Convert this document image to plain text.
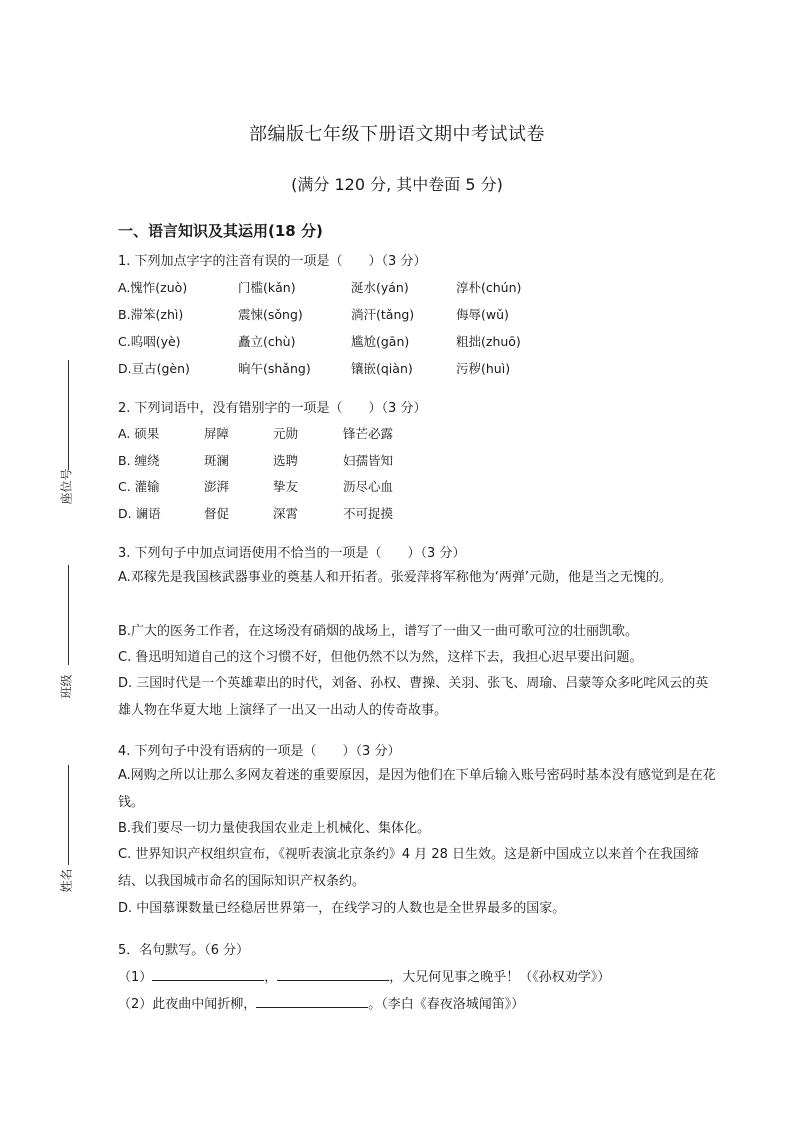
座位号
班级
姓名
部编版七年级下册语文期中考试试卷
(满分 120 分, 其中卷面 5 分)
一、语言知识及其运用(18 分)
1. 下列加点字字的注音有误的一项是（　　）（3 分）
A.愧怍(zuò)	门槛(kǎn)	涎水(yán)	淳朴(chún)
B.滞笨(zhì)	震悚(sǒng)	淌汗(tǎng)	侮辱(wǔ)
C.呜咽(yè)	矗立(chù)	尴尬(gān)	粗拙(zhuō)
D.亘古(gèn)	晌午(shǎng)	镶嵌(qiàn)	污秽(huì)
2. 下列词语中，没有错别字的一项是（　　）（3 分）
A. 硕果	屏障	元勋	锋芒必露
B. 缠绕	斑澜	选聘	妇孺皆知
C. 灌输	澎湃	挚友	沥尽心血
D. 谰语	督促	深霄	不可捉摸
3. 下列句子中加点词语使用不恰当的一项是（　　）（3 分）
A.邓稼先是我国核武器事业的奠基人和开拓者。张爱萍将军称他为‘两弹’元勋，他是当之无愧的。
B.广大的医务工作者，在这场没有硝烟的战场上，谱写了一曲又一曲可歌可泣的壮丽凯歌。
C. 鲁迅明知道自己的这个习惯不好，但他仍然不以为然，这样下去，我担心迟早要出问题。
D. 三国时代是一个英雄辈出的时代，刘备、孙权、曹操、关羽、张飞、周瑜、吕蒙等众多叱咤风云的英雄人物在华夏大地 上演绎了一出又一出动人的传奇故事。
4. 下列句子中没有语病的一项是（　　）（3 分）
A.网购之所以让那么多网友着迷的重要原因，是因为他们在下单后输入账号密码时基本没有感觉到是在花钱。
B.我们要尽一切力量使我国农业走上机械化、集体化。
C. 世界知识产权组织宣布，《视听表演北京条约》4 月 28 日生效。这是新中国成立以来首个在我国缔结、以我国城市命名的国际知识产权条约。
D. 中国慕课数量已经稳居世界第一，在线学习的人数也是全世界最多的国家。
5．名句默写。（6 分）
（1）	，	，大兄何见事之晚乎！（《孙权劝学》）
（2）此夜曲中闻折柳，	。（李白《春夜洛城闻笛》）
